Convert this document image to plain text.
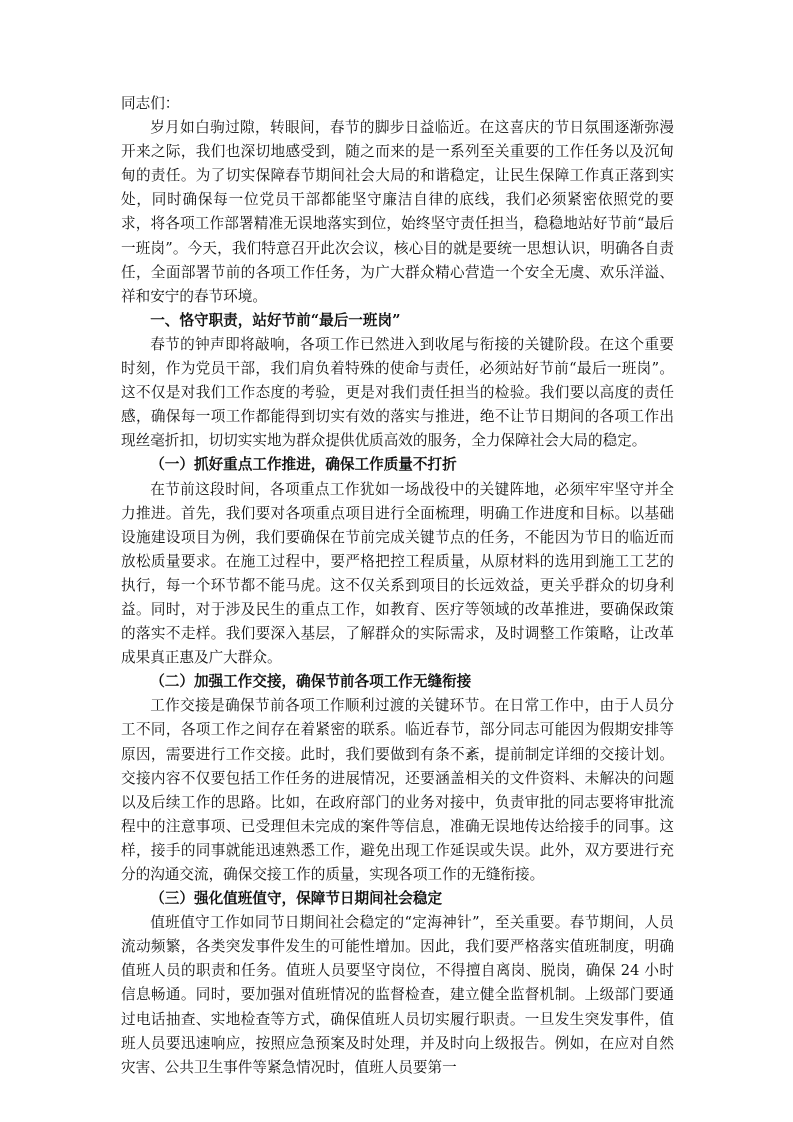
同志们：

岁月如白驹过隙，转眼间，春节的脚步日益临近。在这喜庆的节日氛围逐渐弥漫开来之际，我们也深切地感受到，随之而来的是一系列至关重要的工作任务以及沉甸甸的责任。为了切实保障春节期间社会大局的和谐稳定，让民生保障工作真正落到实处，同时确保每一位党员干部都能坚守廉洁自律的底线，我们必须紧密依照党的要求，将各项工作部署精准无误地落实到位，始终坚守责任担当，稳稳地站好节前“最后一班岗”。今天，我们特意召开此次会议，核心目的就是要统一思想认识，明确各自责任，全面部署节前的各项工作任务，为广大群众精心营造一个安全无虞、欢乐洋溢、祥和安宁的春节环境。

一、恪守职责，站好节前“最后一班岗”

春节的钟声即将敲响，各项工作已然进入到收尾与衔接的关键阶段。在这个重要时刻，作为党员干部，我们肩负着特殊的使命与责任，必须站好节前“最后一班岗”。这不仅是对我们工作态度的考验，更是对我们责任担当的检验。我们要以高度的责任感，确保每一项工作都能得到切实有效的落实与推进，绝不让节日期间的各项工作出现丝毫折扣，切切实实地为群众提供优质高效的服务，全力保障社会大局的稳定。

（一）抓好重点工作推进，确保工作质量不打折

在节前这段时间，各项重点工作犹如一场战役中的关键阵地，必须牢牢坚守并全力推进。首先，我们要对各项重点项目进行全面梳理，明确工作进度和目标。以基础设施建设项目为例，我们要确保在节前完成关键节点的任务，不能因为节日的临近而放松质量要求。在施工过程中，要严格把控工程质量，从原材料的选用到施工工艺的执行，每一个环节都不能马虎。这不仅关系到项目的长远效益，更关乎群众的切身利益。同时，对于涉及民生的重点工作，如教育、医疗等领域的改革推进，要确保政策的落实不走样。我们要深入基层，了解群众的实际需求，及时调整工作策略，让改革成果真正惠及广大群众。

（二）加强工作交接，确保节前各项工作无缝衔接

工作交接是确保节前各项工作顺利过渡的关键环节。在日常工作中，由于人员分工不同，各项工作之间存在着紧密的联系。临近春节，部分同志可能因为假期安排等原因，需要进行工作交接。此时，我们要做到有条不紊，提前制定详细的交接计划。交接内容不仅要包括工作任务的进展情况，还要涵盖相关的文件资料、未解决的问题以及后续工作的思路。比如，在政府部门的业务对接中，负责审批的同志要将审批流程中的注意事项、已受理但未完成的案件等信息，准确无误地传达给接手的同事。这样，接手的同事就能迅速熟悉工作，避免出现工作延误或失误。此外，双方要进行充分的沟通交流，确保交接工作的质量，实现各项工作的无缝衔接。

（三）强化值班值守，保障节日期间社会稳定

值班值守工作如同节日期间社会稳定的“定海神针”，至关重要。春节期间，人员流动频繁，各类突发事件发生的可能性增加。因此，我们要严格落实值班制度，明确值班人员的职责和任务。值班人员要坚守岗位，不得擅自离岗、脱岗，确保 24 小时信息畅通。同时，要加强对值班情况的监督检查，建立健全监督机制。上级部门要通过电话抽查、实地检查等方式，确保值班人员切实履行职责。一旦发生突发事件，值班人员要迅速响应，按照应急预案及时处理，并及时向上级报告。例如，在应对自然灾害、公共卫生事件等紧急情况时，值班人员要第一
